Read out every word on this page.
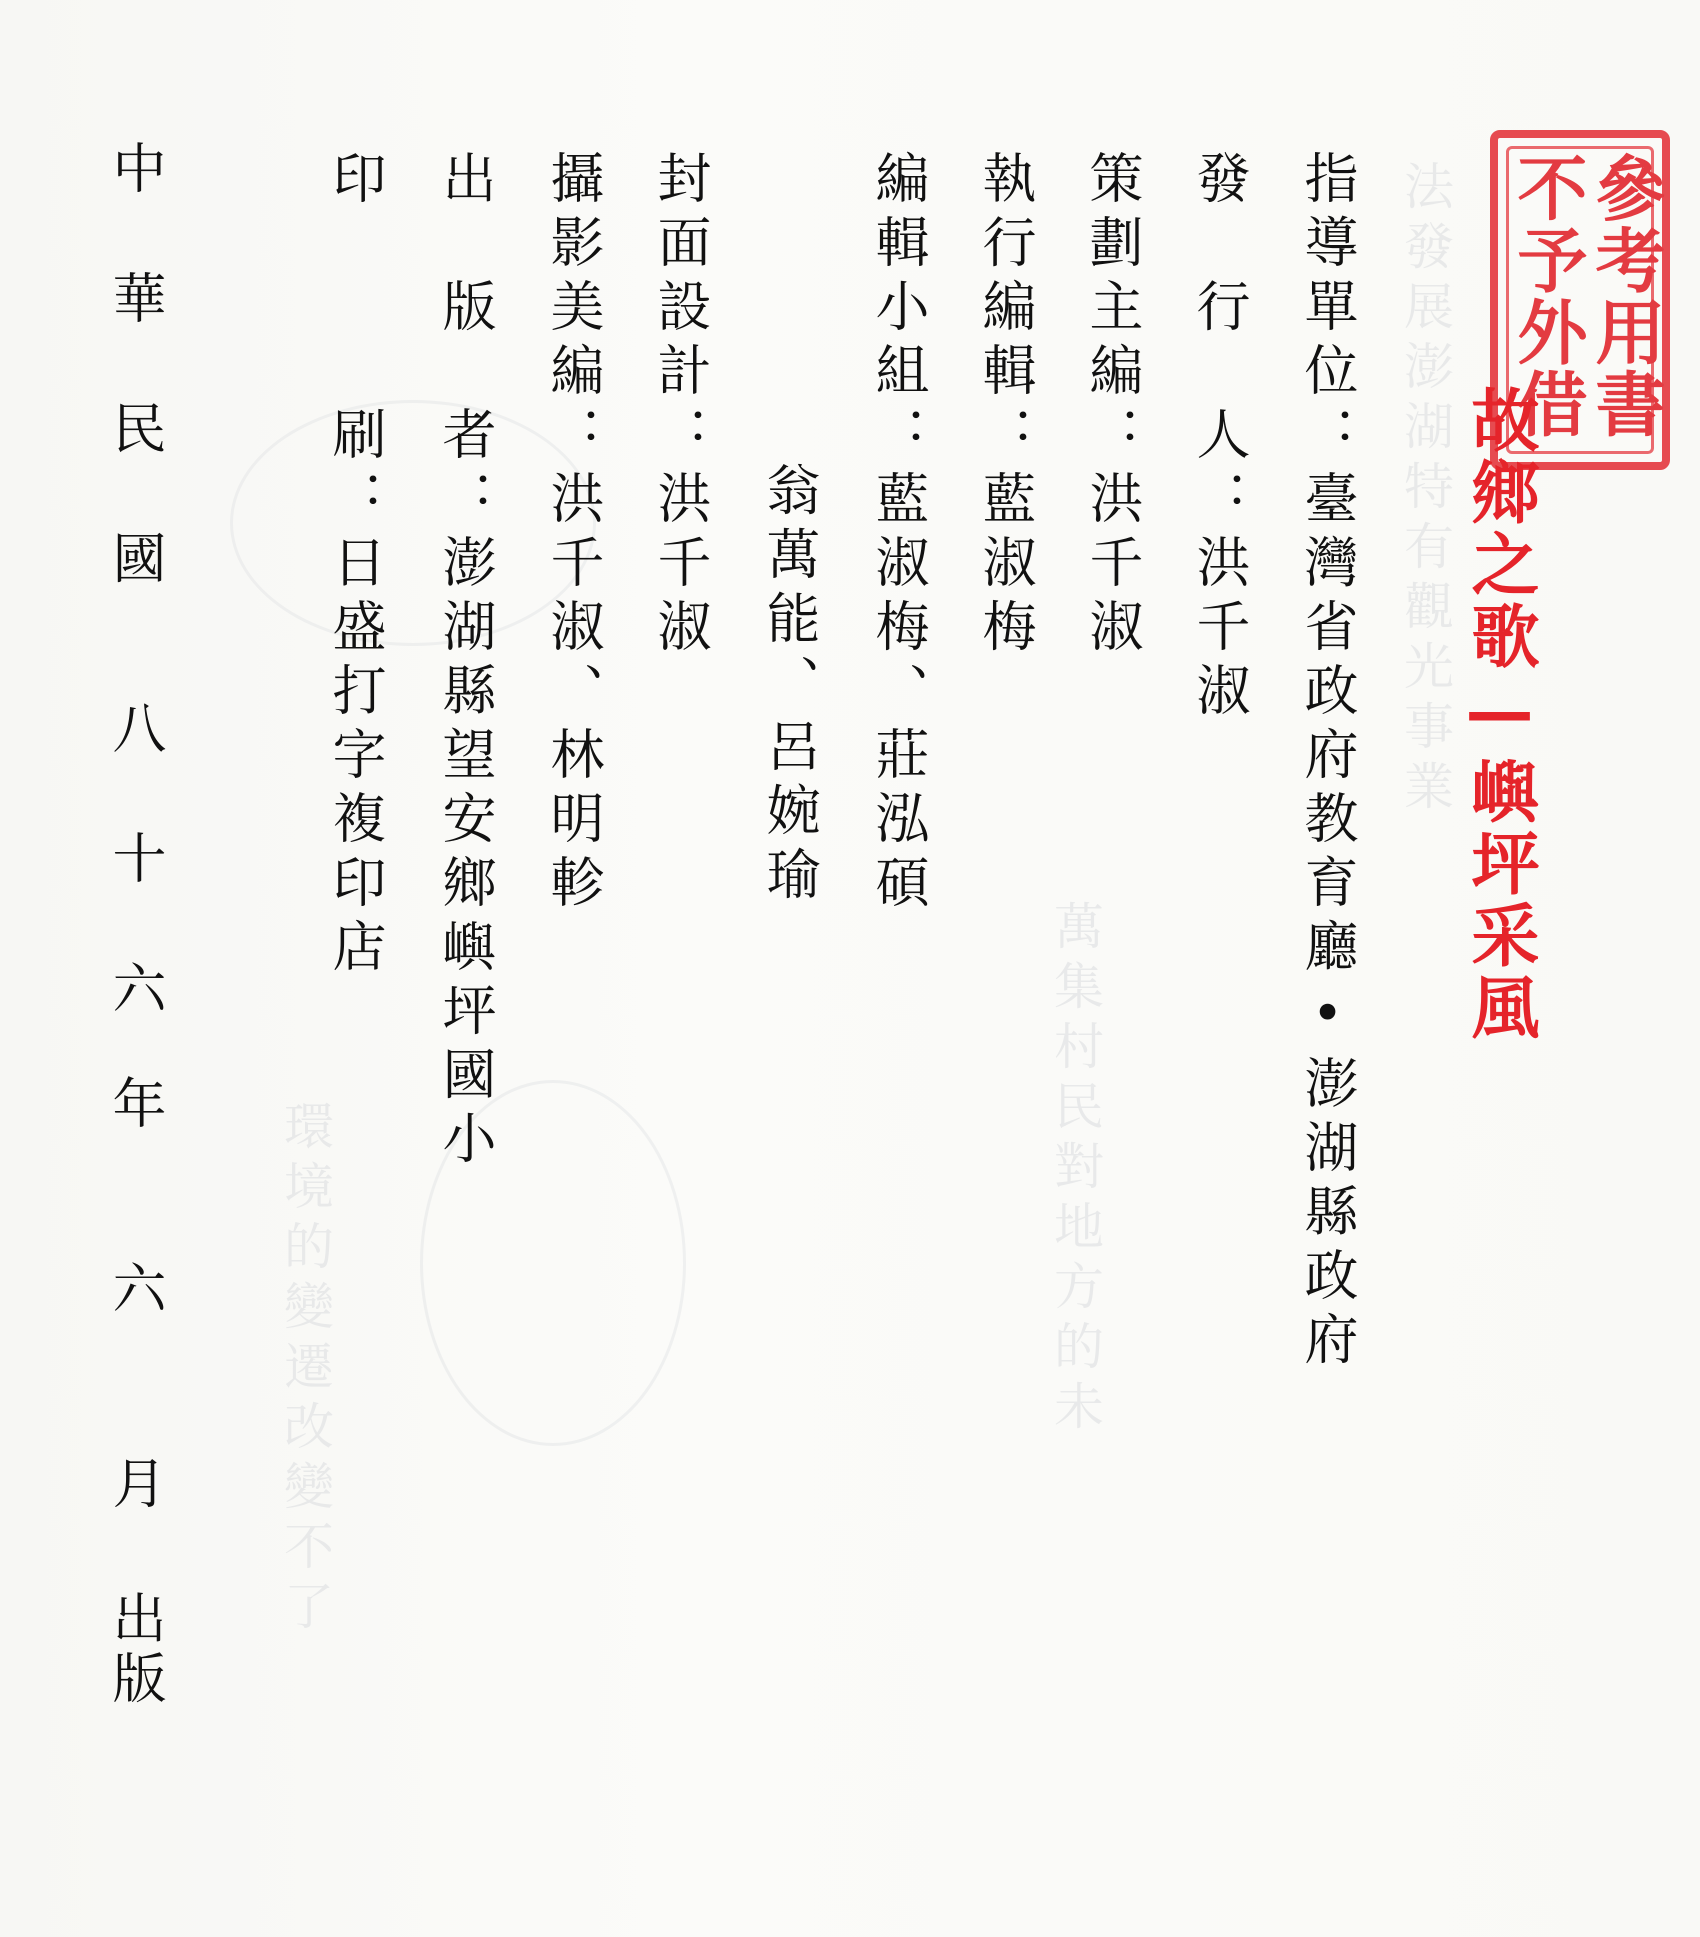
法發展澎湖特有觀光事業
萬集村民對地方的未
環境的變遷改變不了
指導單位：臺灣省政府教育廳•澎湖縣政府
發　行　人：洪千淑
策劃主編：洪千淑
執行編輯：藍淑梅
編輯小組：藍淑梅、莊泓碩
翁萬能、呂婉瑜
封面設計：洪千淑
攝影美編：洪千淑、林明軫
出　版　者：澎湖縣望安鄉嶼坪國小
印　　　刷：日盛打字複印店
中華民國
八十六
年
六
月
出版
參考用書
不予外借
故鄉之歌—嶼坪采風
